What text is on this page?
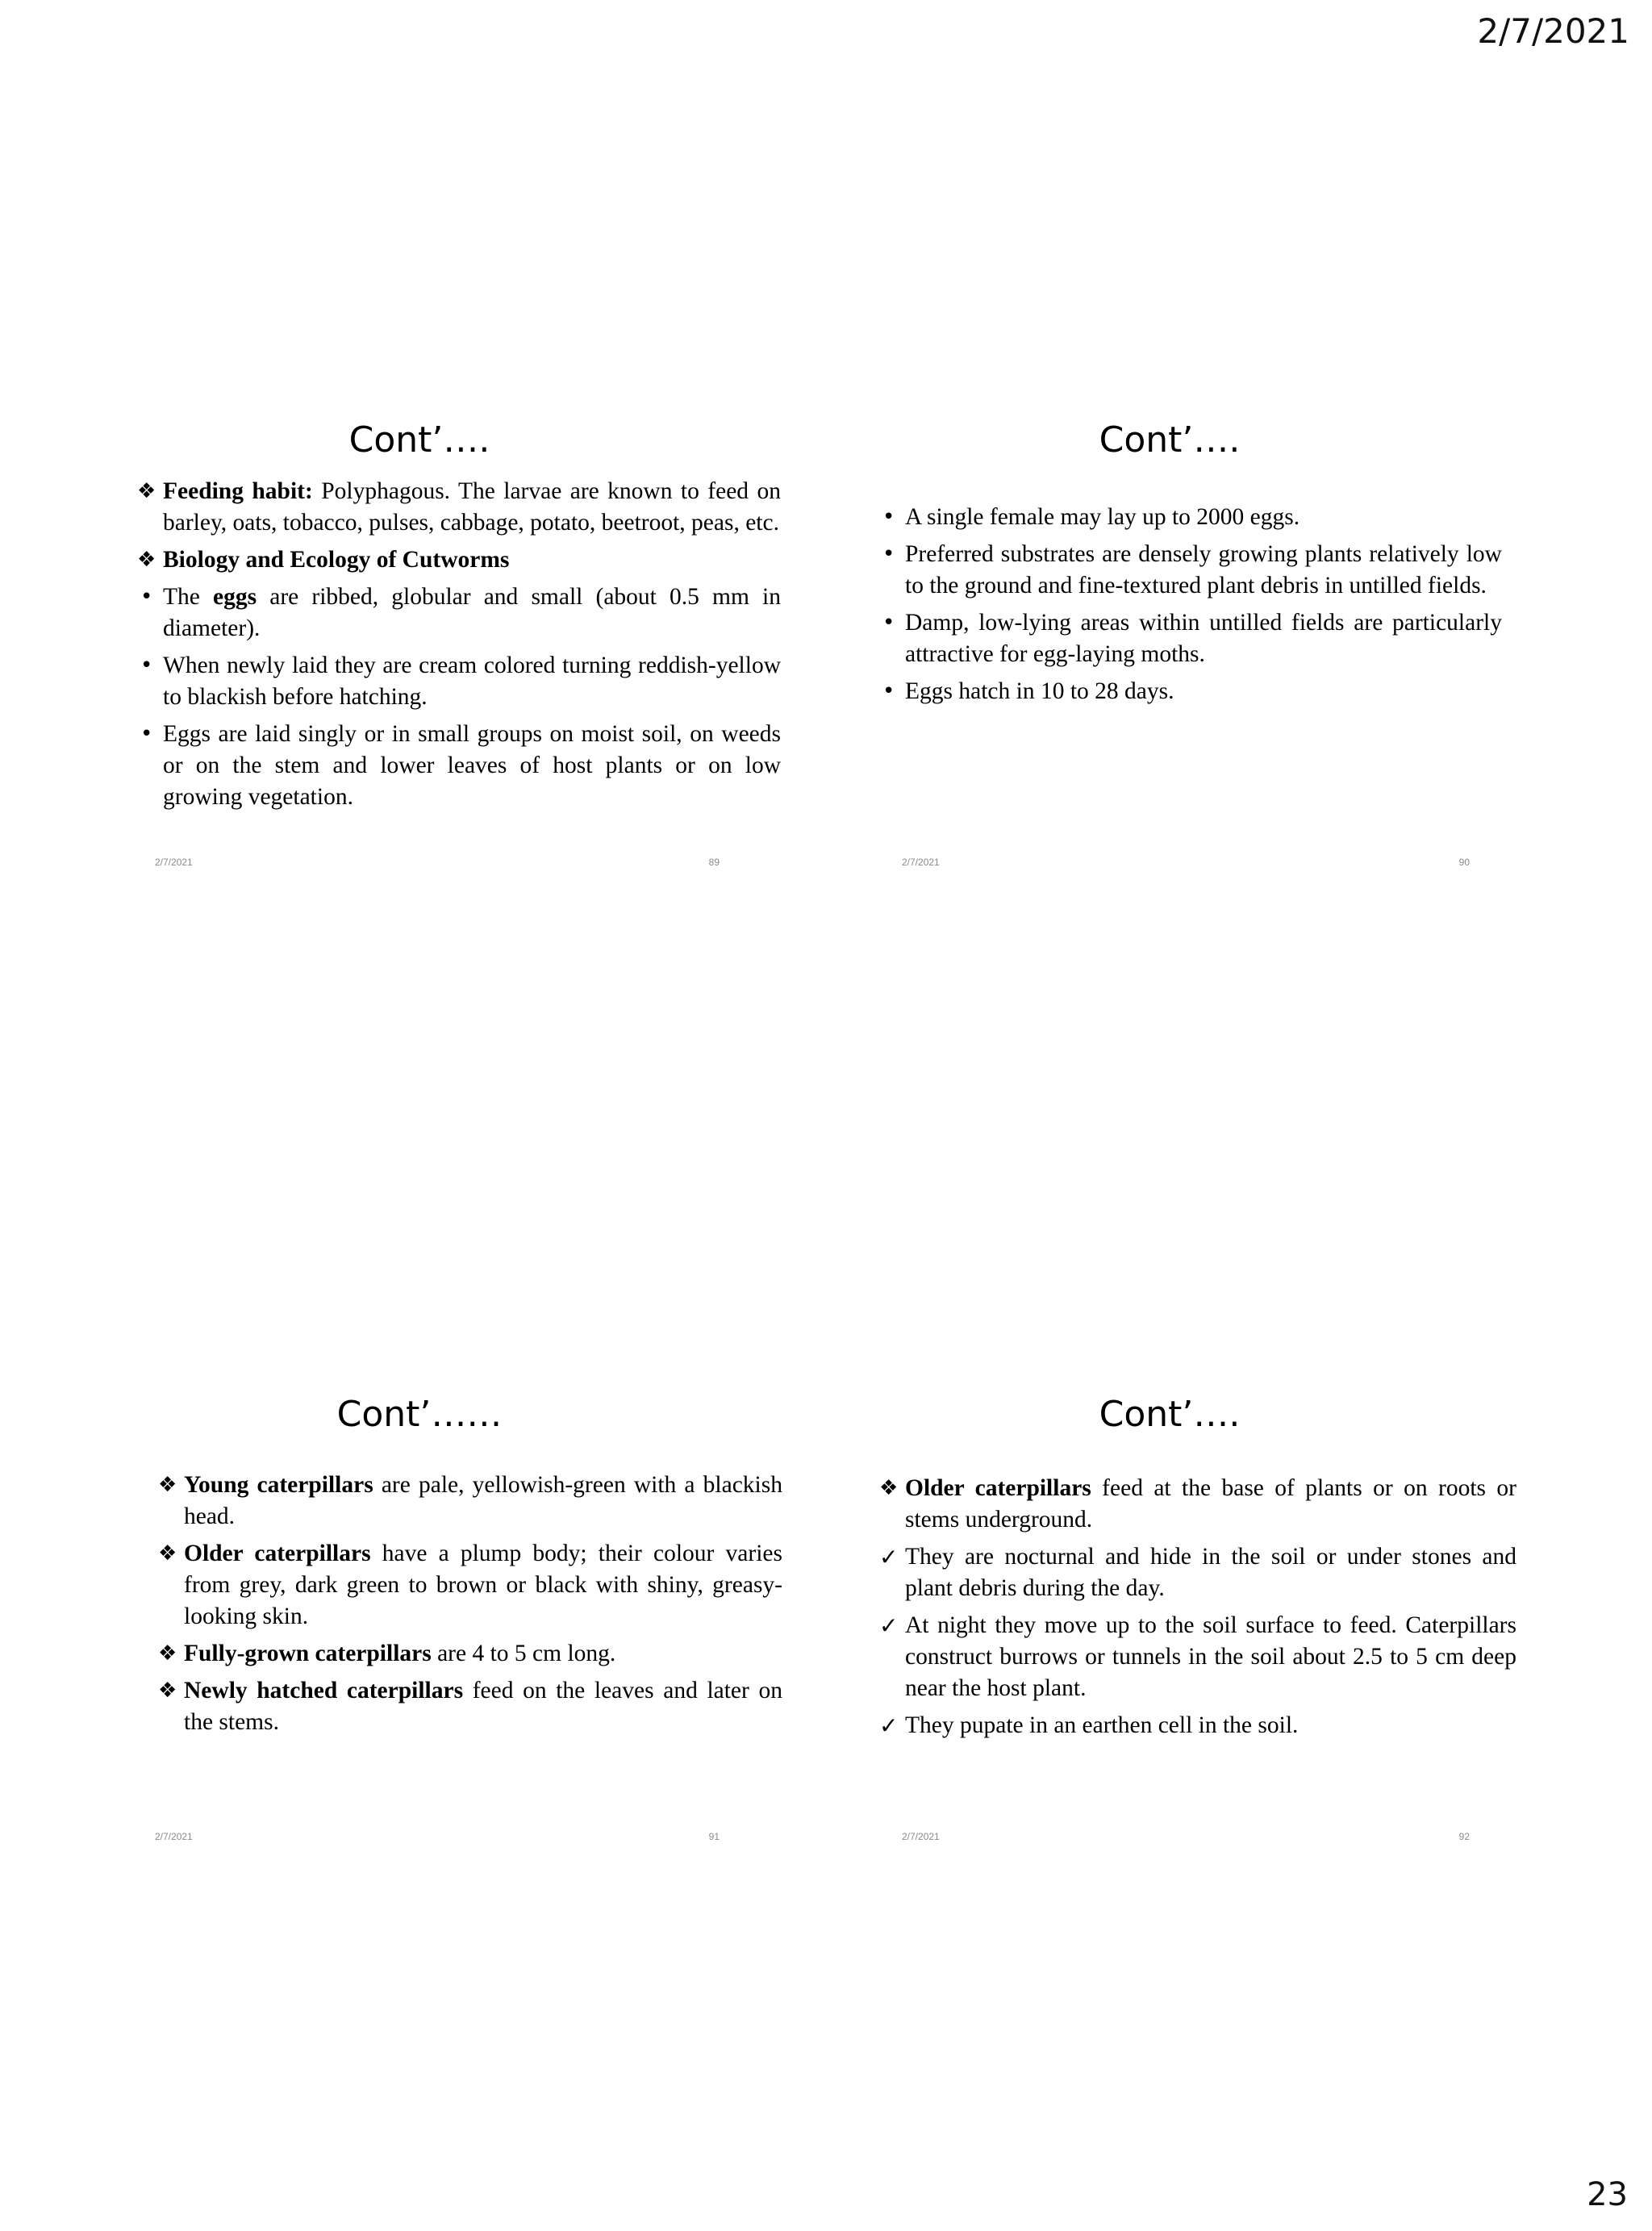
2/7/2021
Cont’….
❖ Feeding habit: Polyphagous. The larvae are known to feed on barley, oats, tobacco, pulses, cabbage, potato, beetroot, peas, etc.
❖ Biology and Ecology of Cutworms
• The eggs are ribbed, globular and small (about 0.5 mm in diameter).
• When newly laid they are cream colored turning reddish-yellow to blackish before hatching.
• Eggs are laid singly or in small groups on moist soil, on weeds or on the stem and lower leaves of host plants or on low growing vegetation.
2/7/2021	89
Cont’….
• A single female may lay up to 2000 eggs.
• Preferred substrates are densely growing plants relatively low to the ground and fine-textured plant debris in untilled fields.
• Damp, low-lying areas within untilled fields are particularly attractive for egg-laying moths.
• Eggs hatch in 10 to 28 days.
2/7/2021	90
Cont’……
❖ Young caterpillars are pale, yellowish-green with a blackish head.
❖ Older caterpillars have a plump body; their colour varies from grey, dark green to brown or black with shiny, greasy-looking skin.
❖ Fully-grown caterpillars are 4 to 5 cm long.
❖ Newly hatched caterpillars feed on the leaves and later on the stems.
2/7/2021	91
Cont’….
❖ Older caterpillars feed at the base of plants or on roots or stems underground.
✓ They are nocturnal and hide in the soil or under stones and plant debris during the day.
✓ At night they move up to the soil surface to feed. Caterpillars construct burrows or tunnels in the soil about 2.5 to 5 cm deep near the host plant.
✓ They pupate in an earthen cell in the soil.
2/7/2021	92
23
